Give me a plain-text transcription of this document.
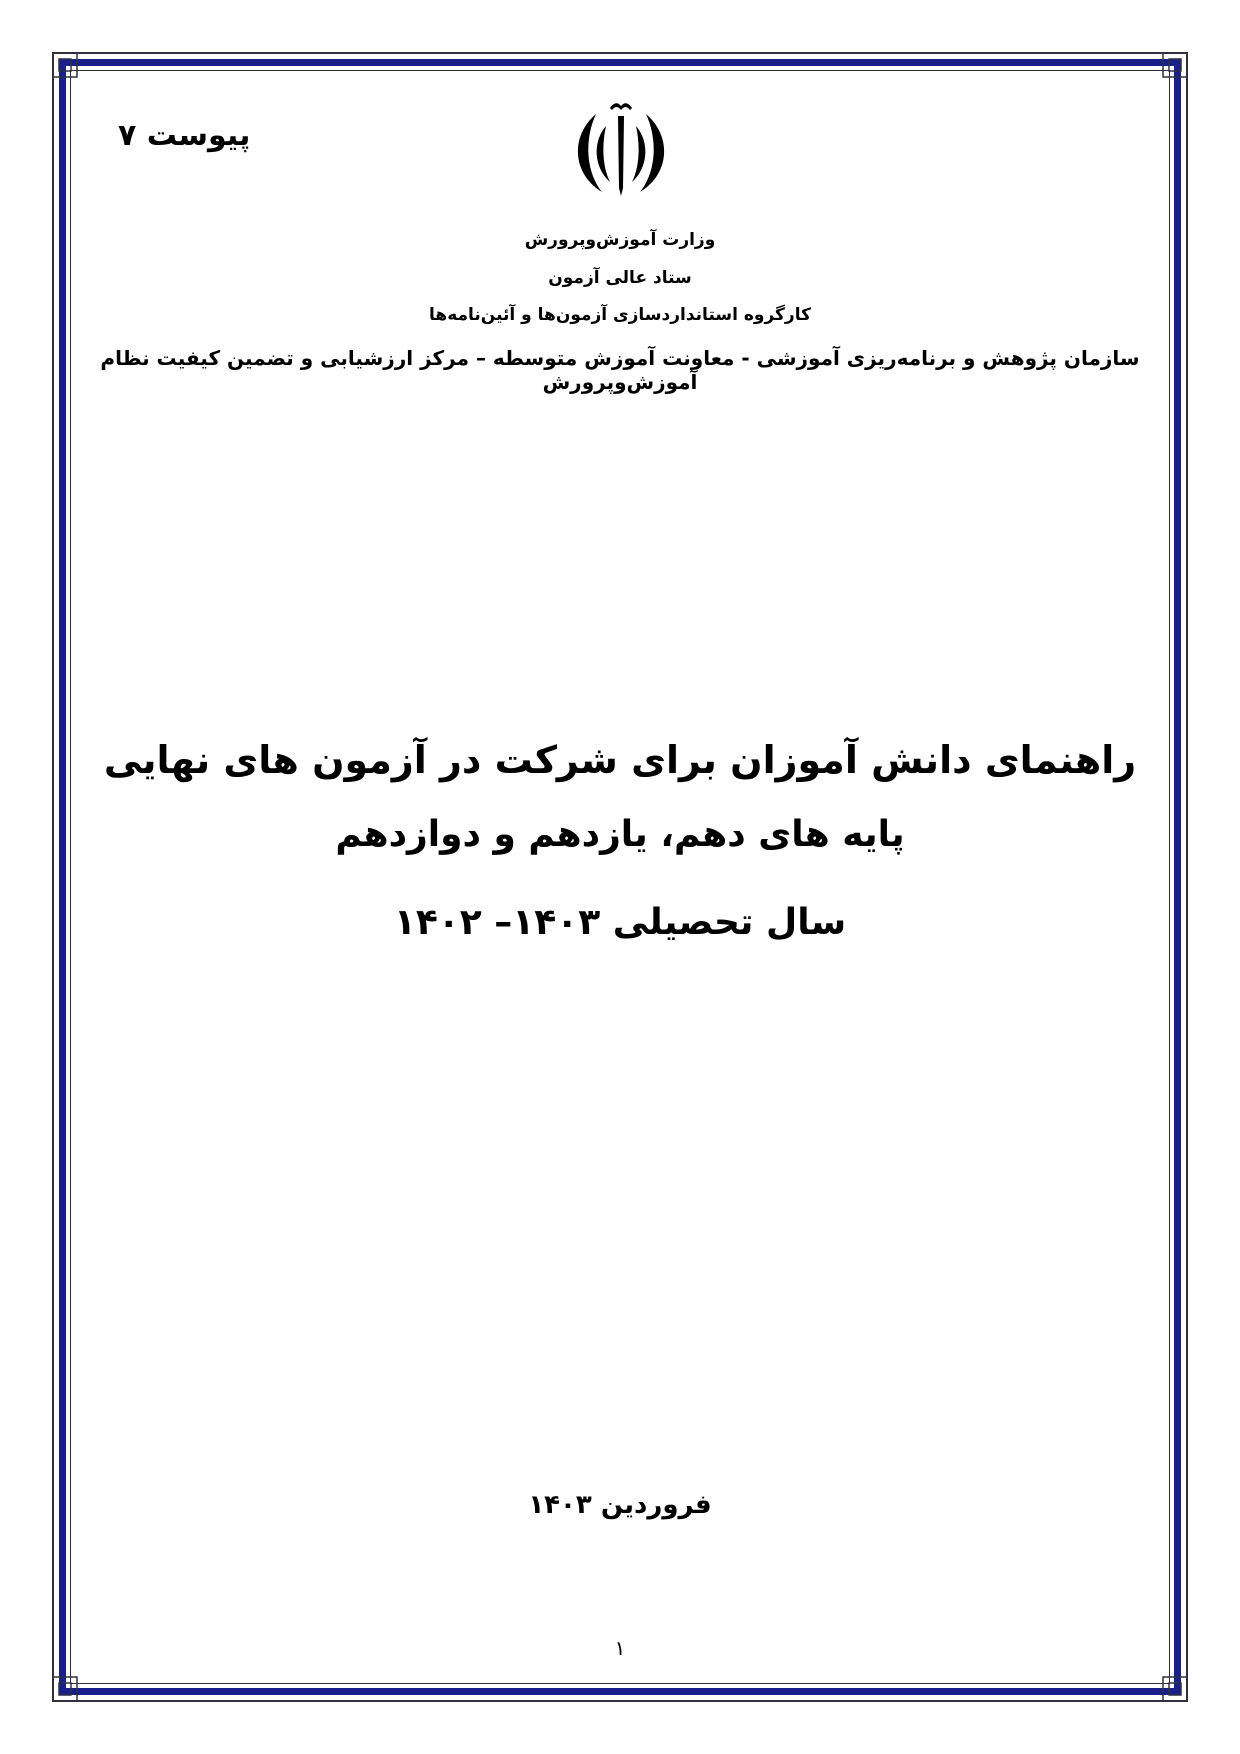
پیوست ۷
وزارت آموزش‌وپرورش
ستاد عالی آزمون
کارگروه استانداردسازی آزمون‌ها و آئین‌نامه‌ها
سازمان پژوهش و برنامه‌ریزی آموزشی - معاونت آموزش متوسطه – مرکز ارزشیابی و تضمین کیفیت نظام آموزش‌وپرورش
راهنمای دانش آموزان برای شرکت در آزمون های نهایی
پایه های دهم، یازدهم و دوازدهم
سال تحصیلی ۱۴۰۳– ۱۴۰۲
فروردین ۱۴۰۳
۱
